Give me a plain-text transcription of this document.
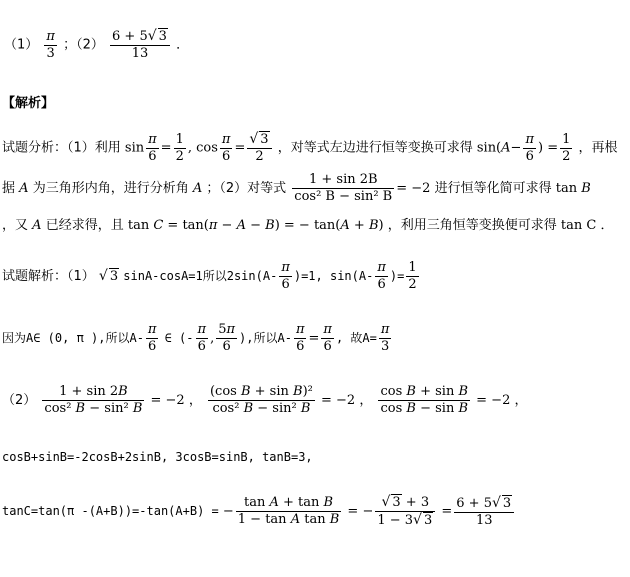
$(1) \frac{\pi}{3}$ ；$(2) \frac{6 + 5√ 3}{13}$ ．
【解析】
试题分析：（1）利用 $\sin \frac{\pi}{6} = \frac{1}{2}$ , $\cos \frac{\pi}{6} = \frac{√ 3}{2}$ ，对等式左边进行恒等变换可求得 $\sin(A- \frac{\pi}{6}$ ) = $\frac{1}{2}$ ，再根
据 A 为三角形内角，进行分析角 A ；（2）对等式 $\frac{1 + \sin 2B}{\text{cos² B − sin² B}} = -2$ 进行恒等化简可求得 tan B
，又 A 已经求得，且 tan C = tan(π − A − B) = − tan(A + B) ，利用三角恒等变换便可求得 tan C ．
试题解析：（1） √ 3 sinA-cosA=1所以$2\sin(A- \frac{\pi}{6} )=1$, $\sin(A- \frac{\pi}{6}$ )= $\frac{1}{2}$
因为A∈ (0, π ),所以$A- \frac{\pi}{6}$ ∈ (- $\frac{\pi}{6}$ , $\frac{5\pi}{6}$ ),所以$A- \frac{\pi}{6} = \frac{\pi}{6}$ , 故$A= \frac{\pi}{3}$
$(2) \frac{1 + \sin 2B}{\text{cos² B − sin² B}} = -2$ ， $\frac{\text{(cos B + sin B)²}}{\text{cos² B − sin² B}} = -2$ ， $\frac{\text{cos B + sin B}}{\text{cos B − sin B}} = -2$ ，
cosB+sinB=-2cosB+2sinB, 3cosB=sinB, tanB=3,
tanC=tan(π -(A+B))=-tan(A+B) = − $\frac{\text{tan A + tan B}}{\text{1 − tan A tan B}}$ = − $\frac{√ 3 + 3}{1 - 3√ 3} = \frac{6 + 5√ 3}{13}$
